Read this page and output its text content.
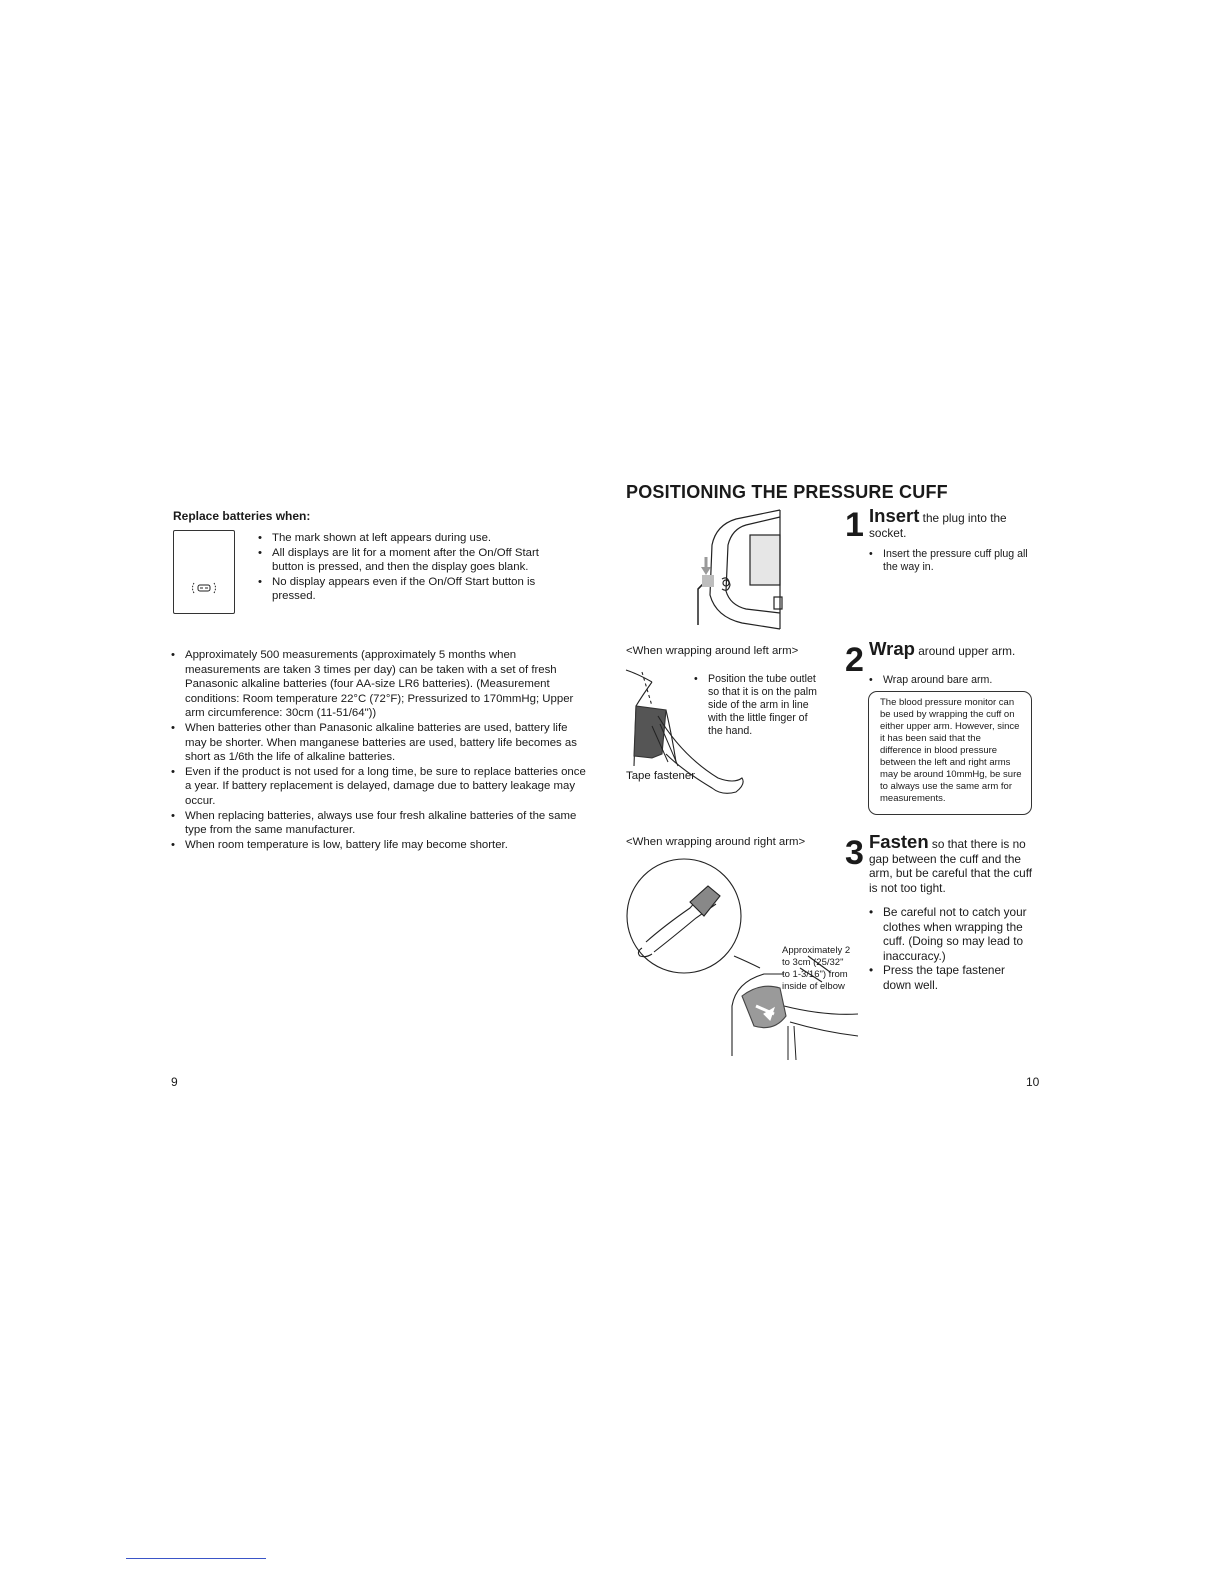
Replace batteries when:
• The mark shown at left appears during use.
• All displays are lit for a moment after the On/Off Start button is pressed, and then the display goes blank.
• No display appears even if the On/Off Start button is pressed.
• Approximately 500 measurements (approximately 5 months when measurements are taken 3 times per day) can be taken with a set of fresh Panasonic alkaline batteries (four AA-size LR6 batteries). (Measurement conditions: Room temperature 22°C (72°F); Pressurized to 170mmHg; Upper arm circumference: 30cm (11-51/64"))
• When batteries other than Panasonic alkaline batteries are used, battery life may be shorter. When manganese batteries are used, battery life becomes as short as 1/6th the life of alkaline batteries.
• Even if the product is not used for a long time, be sure to replace batteries once a year. If battery replacement is delayed, damage due to battery leakage may occur.
• When replacing batteries, always use four fresh alkaline batteries of the same type from the same manufacturer.
• When room temperature is low, battery life may become shorter.
9
POSITIONING THE PRESSURE CUFF
<When wrapping around left arm>
• Position the tube outlet so that it is on the palm side of the arm in line with the little finger of the hand.
Tape fastener
<When wrapping around right arm>
Approximately 2 to 3cm (25/32" to 1-3/16") from inside of elbow
1 Insert the plug into the socket.
• Insert the pressure cuff plug all the way in.
2 Wrap around upper arm.
• Wrap around bare arm.
The blood pressure monitor can be used by wrapping the cuff on either upper arm. However, since it has been said that the difference in blood pressure between the left and right arms may be around 10mmHg, be sure to always use the same arm for measurements.
3 Fasten so that there is no gap between the cuff and the arm, but be careful that the cuff is not too tight.
• Be careful not to catch your clothes when wrapping the cuff. (Doing so may lead to inaccuracy.)
• Press the tape fastener down well.
10
